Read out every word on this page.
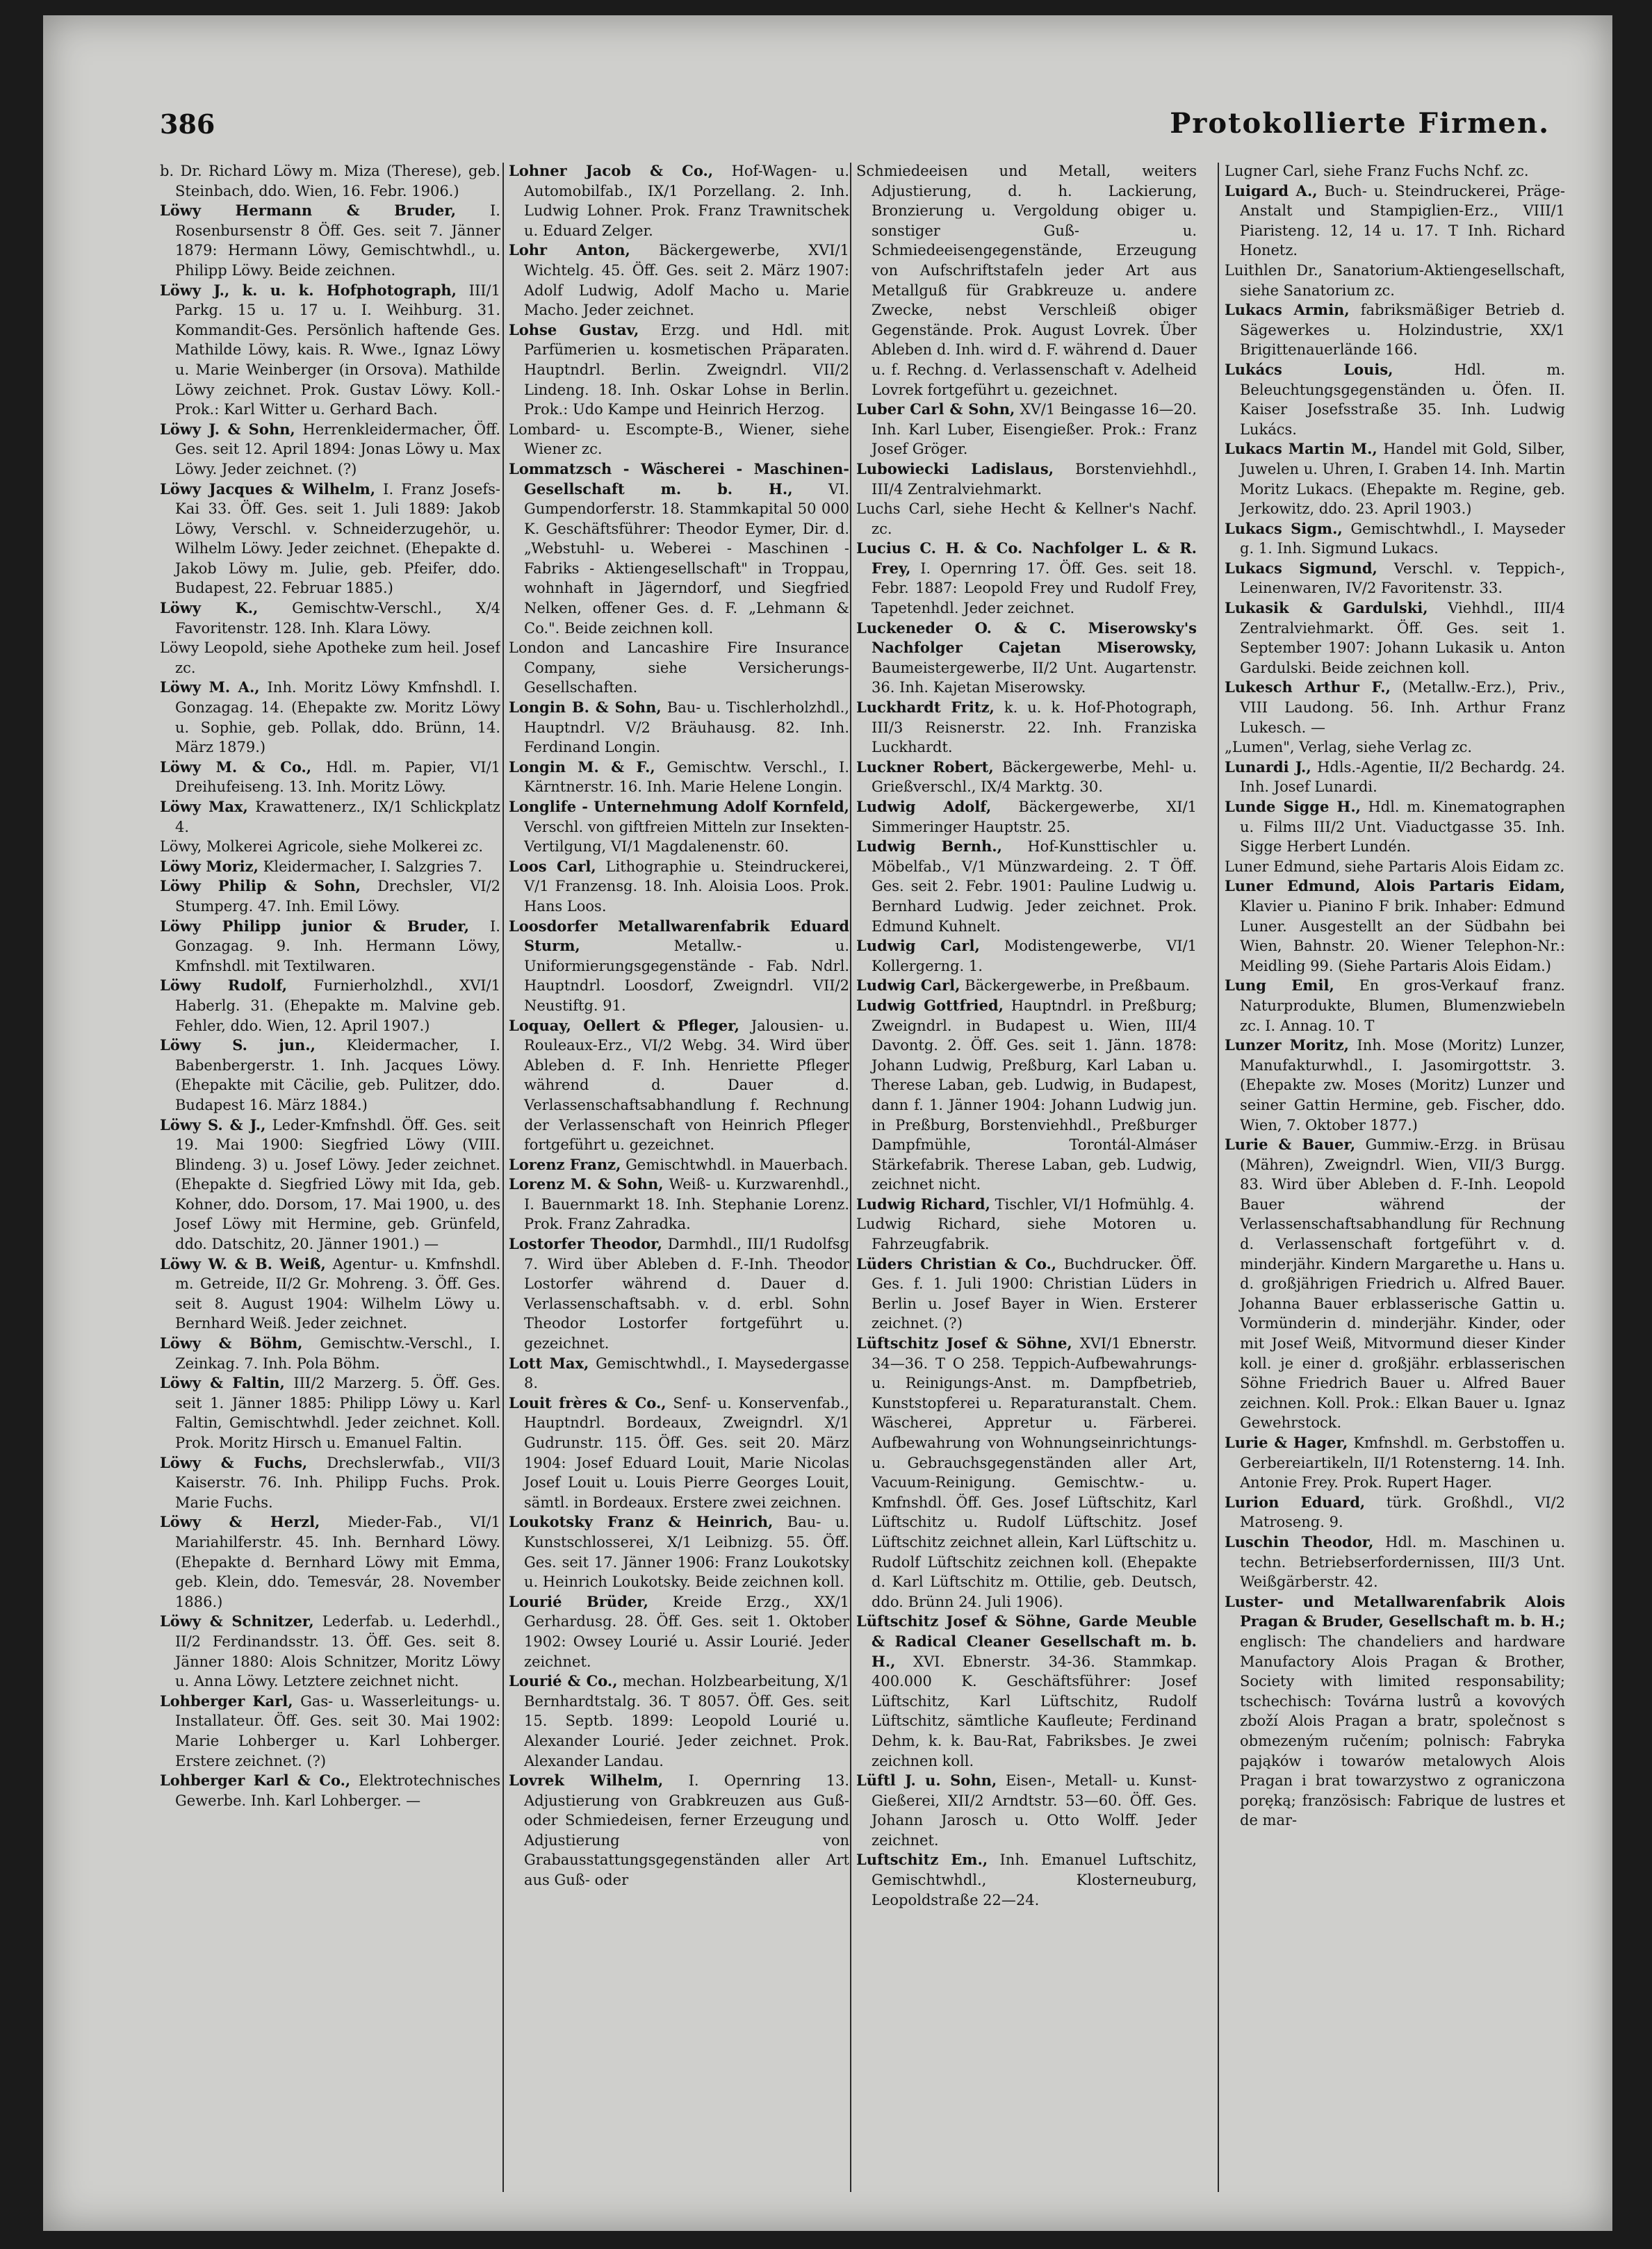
386	Protokollierte Firmen.

b. Dr. Richard Löwy m. Miza (Therese), geb. Steinbach, ddo. Wien, 16. Febr. 1906.)

Löwy Hermann & Bruder, I. Rosenbursenstr 8 Öff. Ges. seit 7. Jänner 1879: Hermann Löwy, Gemischtwhdl., u. Philipp Löwy. Beide zeichnen.

Löwy J., k. u. k. Hofphotograph, III/1 Parkg. 15 u. 17 u. I. Weihburg. 31. Kommandit-Ges. Persönlich haftende Ges. Mathilde Löwy, kais. R. Wwe., Ignaz Löwy u. Marie Weinberger (in Orsova). Mathilde Löwy zeichnet. Prok. Gustav Löwy. Koll.-Prok.: Karl Witter u. Gerhard Bach.

Löwy J. & Sohn, Herrenkleidermacher, Öff. Ges. seit 12. April 1894: Jonas Löwy u. Max Löwy. Jeder zeichnet. (?)

Löwy Jacques & Wilhelm, I. Franz Josefs-Kai 33. Öff. Ges. seit 1. Juli 1889: Jakob Löwy, Verschl. v. Schneiderzugehör, u. Wilhelm Löwy. Jeder zeichnet. (Ehepakte d. Jakob Löwy m. Julie, geb. Pfeifer, ddo. Budapest, 22. Februar 1885.)

Löwy K., Gemischtw-Verschl., X/4 Favoritenstr. 128. Inh. Klara Löwy.

Löwy Leopold, siehe Apotheke zum heil. Josef zc.

Löwy M. A., Inh. Moritz Löwy Kmfnshdl. I. Gonzagag. 14. (Ehepakte zw. Moritz Löwy u. Sophie, geb. Pollak, ddo. Brünn, 14. März 1879.)

Löwy M. & Co., Hdl. m. Papier, VI/1 Dreihufeiseng. 13. Inh. Moritz Löwy.

Löwy Max, Krawattenerz., IX/1 Schlickplatz 4.

Löwy, Molkerei Agricole, siehe Molkerei zc.

Löwy Moriz, Kleidermacher, I. Salzgries 7.

Löwy Philip & Sohn, Drechsler, VI/2 Stumperg. 47. Inh. Emil Löwy.

Löwy Philipp junior & Bruder, I. Gonzagag. 9. Inh. Hermann Löwy, Kmfnshdl. mit Textilwaren.

Löwy Rudolf, Furnierholzhdl., XVI/1 Haberlg. 31. (Ehepakte m. Malvine geb. Fehler, ddo. Wien, 12. April 1907.)

Löwy S. jun., Kleidermacher, I. Babenbergerstr. 1. Inh. Jacques Löwy. (Ehepakte mit Cäcilie, geb. Pulitzer, ddo. Budapest 16. März 1884.)

Löwy S. & J., Leder-Kmfnshdl. Öff. Ges. seit 19. Mai 1900: Siegfried Löwy (VIII. Blindeng. 3) u. Josef Löwy. Jeder zeichnet. (Ehepakte d. Siegfried Löwy mit Ida, geb. Kohner, ddo. Dorsom, 17. Mai 1900, u. des Josef Löwy mit Hermine, geb. Grünfeld, ddo. Datschitz, 20. Jänner 1901.) —

Löwy W. & B. Weiß, Agentur- u. Kmfnshdl. m. Getreide, II/2 Gr. Mohreng. 3. Öff. Ges. seit 8. August 1904: Wilhelm Löwy u. Bernhard Weiß. Jeder zeichnet.

Löwy & Böhm, Gemischtw.-Verschl., I. Zeinkag. 7. Inh. Pola Böhm.

Löwy & Faltin, III/2 Marzerg. 5. Öff. Ges. seit 1. Jänner 1885: Philipp Löwy u. Karl Faltin, Gemischtwhdl. Jeder zeichnet. Koll. Prok. Moritz Hirsch u. Emanuel Faltin.

Löwy & Fuchs, Drechslerwfab., VII/3 Kaiserstr. 76. Inh. Philipp Fuchs. Prok. Marie Fuchs.

Löwy & Herzl, Mieder-Fab., VI/1 Mariahilferstr. 45. Inh. Bernhard Löwy. (Ehepakte d. Bernhard Löwy mit Emma, geb. Klein, ddo. Temesvár, 28. November 1886.)

Löwy & Schnitzer, Lederfab. u. Lederhdl., II/2 Ferdinandsstr. 13. Öff. Ges. seit 8. Jänner 1880: Alois Schnitzer, Moritz Löwy u. Anna Löwy. Letztere zeichnet nicht.

Lohberger Karl, Gas- u. Wasserleitungs- u. Installateur. Öff. Ges. seit 30. Mai 1902: Marie Lohberger u. Karl Lohberger. Erstere zeichnet. (?)

Lohberger Karl & Co., Elektrotechnisches Gewerbe. Inh. Karl Lohberger. —

Lohner Jacob & Co., Hof-Wagen- u. Automobilfab., IX/1 Porzellang. 2. Inh. Ludwig Lohner. Prok. Franz Trawnitschek u. Eduard Zelger.

Lohr Anton, Bäckergewerbe, XVI/1 Wichtelg. 45. Öff. Ges. seit 2. März 1907: Adolf Ludwig, Adolf Macho u. Marie Macho. Jeder zeichnet.

Lohse Gustav, Erzg. und Hdl. mit Parfümerien u. kosmetischen Präparaten. Hauptndrl. Berlin. Zweigndrl. VII/2 Lindeng. 18. Inh. Oskar Lohse in Berlin. Prok.: Udo Kampe und Heinrich Herzog.

Lombard- u. Escompte-B., Wiener, siehe Wiener zc.

Lommatzsch - Wäscherei - Maschinen-Gesellschaft m. b. H., VI. Gumpendorferstr. 18. Stammkapital 50 000 K. Geschäftsführer: Theodor Eymer, Dir. d. „Webstuhl- u. Weberei - Maschinen - Fabriks - Aktiengesellschaft" in Troppau, wohnhaft in Jägerndorf, und Siegfried Nelken, offener Ges. d. F. „Lehmann & Co.". Beide zeichnen koll.

London and Lancashire Fire Insurance Company, siehe Versicherungs-Gesellschaften.

Longin B. & Sohn, Bau- u. Tischlerholzhdl., Hauptndrl. V/2 Bräuhausg. 82. Inh. Ferdinand Longin.

Longin M. & F., Gemischtw. Verschl., I. Kärntnerstr. 16. Inh. Marie Helene Longin.

Longlife - Unternehmung Adolf Kornfeld, Verschl. von giftfreien Mitteln zur Insekten-Vertilgung, VI/1 Magdalenenstr. 60.

Loos Carl, Lithographie u. Steindruckerei, V/1 Franzensg. 18. Inh. Aloisia Loos. Prok. Hans Loos.

Loosdorfer Metallwarenfabrik Eduard Sturm,	Metallw.- u. Uniformierungsgegenstände - Fab. Ndrl. Hauptndrl. Loosdorf, Zweigndrl. VII/2 Neustiftg. 91.

Loquay, Oellert & Pfleger, Jalousien- u. Rouleaux-Erz., VI/2 Webg. 34. Wird über Ableben d. F. Inh. Henriette Pfleger während d. Dauer d. Verlassenschaftsabhandlung f. Rechnung der Verlassenschaft von Heinrich Pfleger fortgeführt u. gezeichnet.

Lorenz Franz, Gemischtwhdl. in Mauerbach.

Lorenz M. & Sohn, Weiß- u. Kurzwarenhdl., I. Bauernmarkt 18. Inh. Stephanie Lorenz. Prok. Franz Zahradka.

Lostorfer Theodor, Darmhdl., III/1 Rudolfsg 7. Wird über Ableben d. F.-Inh. Theodor Lostorfer während d. Dauer d. Verlassenschaftsabh. v. d. erbl. Sohn Theodor Lostorfer fortgeführt u. gezeichnet.

Lott Max, Gemischtwhdl., I. Maysedergasse 8.

Louit frères & Co., Senf- u. Konservenfab., Hauptndrl. Bordeaux, Zweigndrl. X/1 Gudrunstr. 115. Öff. Ges. seit 20. März 1904: Josef Eduard Louit, Marie Nicolas Josef Louit u. Louis Pierre Georges Louit, sämtl. in Bordeaux. Erstere zwei zeichnen.

Loukotsky Franz & Heinrich, Bau- u. Kunstschlosserei, X/1 Leibnizg. 55. Öff. Ges. seit 17. Jänner 1906: Franz Loukotsky u. Heinrich Loukotsky. Beide zeichnen koll.

Lourié Brüder, Kreide Erzg., XX/1 Gerhardusg. 28. Öff. Ges. seit 1. Oktober 1902: Owsey Lourié u. Assir Lourié. Jeder zeichnet.

Lourié & Co., mechan. Holzbearbeitung, X/1 Bernhardtstalg. 36. T 8057. Öff. Ges. seit 15. Septb. 1899: Leopold Lourié u. Alexander Lourié. Jeder zeichnet. Prok. Alexander Landau.

Lovrek Wilhelm, I. Opernring 13. Adjustierung von Grabkreuzen aus Guß- oder Schmiedeisen, ferner Erzeugung und Adjustierung von Grabausstattungsgegenständen aller Art aus Guß- oder

Schmiedeeisen und Metall, weiters Adjustierung, d. h. Lackierung, Bronzierung u. Vergoldung obiger u. sonstiger Guß- u. Schmiedeeisengegenstände, Erzeugung von Aufschriftstafeln jeder Art aus Metallguß für Grabkreuze u. andere Zwecke, nebst Verschleiß obiger Gegenstände. Prok. August Lovrek. Über Ableben d. Inh. wird d. F. während d. Dauer u. f. Rechng. d. Verlassenschaft v. Adelheid Lovrek fortgeführt u. gezeichnet.

Luber Carl & Sohn, XV/1 Beingasse 16—20. Inh. Karl Luber, Eisengießer. Prok.: Franz Josef Gröger.

Lubowiecki Ladislaus, Borstenviehhdl., III/4 Zentralviehmarkt.

Luchs Carl, siehe Hecht & Kellner's Nachf. zc.

Lucius C. H. & Co. Nachfolger L. & R. Frey, I. Opernring 17. Öff. Ges. seit 18. Febr. 1887: Leopold Frey und Rudolf Frey, Tapetenhdl. Jeder zeichnet.

Luckeneder O. & C. Miserowsky's Nachfolger Cajetan Miserowsky, Baumeistergewerbe, II/2 Unt. Augartenstr. 36. Inh. Kajetan Miserowsky.

Luckhardt Fritz, k. u. k. Hof-Photograph, III/3 Reisnerstr. 22. Inh. Franziska Luckhardt.

Luckner Robert, Bäckergewerbe, Mehl- u. Grießverschl., IX/4 Marktg. 30.

Ludwig Adolf, Bäckergewerbe, XI/1 Simmeringer Hauptstr. 25.

Ludwig Bernh., Hof-Kunsttischler u. Möbelfab., V/1 Münzwardeing. 2. T Öff. Ges. seit 2. Febr. 1901: Pauline Ludwig u. Bernhard Ludwig. Jeder zeichnet. Prok. Edmund Kuhnelt.

Ludwig Carl, Modistengewerbe, VI/1 Kollergerng. 1.

Ludwig Carl, Bäckergewerbe, in Preßbaum.

Ludwig Gottfried, Hauptndrl. in Preßburg; Zweigndrl. in Budapest u. Wien, III/4 Davontg. 2. Öff. Ges. seit 1. Jänn. 1878: Johann Ludwig, Preßburg, Karl Laban u. Therese Laban, geb. Ludwig, in Budapest, dann f. 1. Jänner 1904: Johann Ludwig jun. in Preßburg, Borstenviehhdl., Preßburger Dampfmühle, Torontál-Almáser Stärkefabrik. Therese Laban, geb. Ludwig, zeichnet nicht.

Ludwig Richard, Tischler, VI/1 Hofmühlg. 4.

Ludwig Richard, siehe Motoren u. Fahrzeugfabrik.

Lüders Christian & Co., Buchdrucker. Öff. Ges. f. 1. Juli 1900: Christian Lüders in Berlin u. Josef Bayer in Wien. Ersterer zeichnet. (?)

Lüftschitz Josef & Söhne, XVI/1 Ebnerstr. 34—36. T O 258. Teppich-Aufbewahrungs- u. Reinigungs-Anst. m. Dampfbetrieb, Kunststopferei u. Reparaturanstalt. Chem. Wäscherei, Appretur u. Färberei. Aufbewahrung von Wohnungseinrichtungs- u. Gebrauchsgegenständen aller Art, Vacuum-Reinigung. Gemischtw.- u. Kmfnshdl. Öff. Ges. Josef Lüftschitz, Karl Lüftschitz u. Rudolf Lüftschitz. Josef Lüftschitz zeichnet allein, Karl Lüftschitz u. Rudolf Lüftschitz zeichnen koll. (Ehepakte d. Karl Lüftschitz m. Ottilie, geb. Deutsch, ddo. Brünn 24. Juli 1906).

Lüftschitz Josef & Söhne, Garde Meuble & Radical Cleaner Gesellschaft m. b. H., XVI. Ebnerstr. 34-36. Stammkap. 400.000 K. Geschäftsführer: Josef Lüftschitz, Karl Lüftschitz, Rudolf Lüftschitz, sämtliche Kaufleute; Ferdinand Dehm, k. k. Bau-Rat, Fabriksbes. Je zwei zeichnen koll.

Lüftl J. u. Sohn, Eisen-, Metall- u. Kunst-Gießerei, XII/2 Arndtstr. 53—60. Öff. Ges. Johann Jarosch u. Otto Wolff. Jeder zeichnet.

Luftschitz Em., Inh. Emanuel Luftschitz, Gemischtwhdl., Klosterneuburg, Leopoldstraße 22—24.

Lugner Carl, siehe Franz Fuchs Nchf. zc.

Luigard A., Buch- u. Steindruckerei, Präge-Anstalt und Stampiglien-Erz., VIII/1 Piaristeng. 12, 14 u. 17. T Inh. Richard Honetz.

Luithlen Dr., Sanatorium-Aktiengesellschaft, siehe Sanatorium zc.

Lukacs Armin, fabriksmäßiger Betrieb d. Sägewerkes u. Holzindustrie, XX/1 Brigittenauerlände 166.

Lukács Louis,	Hdl. m. Beleuchtungsgegenständen u. Öfen. II. Kaiser Josefsstraße 35. Inh. Ludwig Lukács.

Lukacs Martin M., Handel mit Gold, Silber, Juwelen u. Uhren, I. Graben 14. Inh. Martin Moritz Lukacs. (Ehepakte m. Regine, geb. Jerkowitz, ddo. 23. April 1903.)

Lukacs Sigm., Gemischtwhdl., I. Mayseder g. 1. Inh. Sigmund Lukacs.

Lukacs Sigmund, Verschl. v. Teppich-, Leinenwaren, IV/2 Favoritenstr. 33.

Lukasik & Gardulski, Viehhdl., III/4 Zentralviehmarkt. Öff. Ges. seit 1. September 1907: Johann Lukasik u. Anton Gardulski. Beide zeichnen koll.

Lukesch Arthur F., (Metallw.-Erz.), Priv., VIII Laudong. 56. Inh. Arthur Franz Lukesch. —

„Lumen", Verlag, siehe Verlag zc.

Lunardi J., Hdls.-Agentie, II/2 Bechardg. 24. Inh. Josef Lunardi.

Lunde Sigge H., Hdl. m. Kinematographen u. Films III/2 Unt. Viaductgasse 35. Inh. Sigge Herbert Lundén.

Luner Edmund, siehe Partaris Alois Eidam zc.

Luner Edmund, Alois Partaris Eidam, Klavier u. Pianino F brik. Inhaber: Edmund Luner. Ausgestellt an der Südbahn bei Wien, Bahnstr. 20. Wiener Telephon-Nr.: Meidling 99. (Siehe Partaris Alois Eidam.)

Lung Emil, En gros-Verkauf franz. Naturprodukte, Blumen, Blumenzwiebeln zc. I. Annag. 10. T

Lunzer Moritz, Inh. Mose (Moritz) Lunzer, Manufakturwhdl., I. Jasomirgottstr. 3. (Ehepakte zw. Moses (Moritz) Lunzer und seiner Gattin Hermine, geb. Fischer, ddo. Wien, 7. Oktober 1877.)

Lurie & Bauer, Gummiw.-Erzg. in Brüsau (Mähren), Zweigndrl. Wien, VII/3 Burgg. 83. Wird über Ableben d. F.-Inh. Leopold Bauer während der Verlassenschaftsabhandlung für Rechnung d. Verlassenschaft fortgeführt v. d. minderjähr. Kindern Margarethe u. Hans u. d. großjährigen Friedrich u. Alfred Bauer. Johanna Bauer erblasserische Gattin u. Vormünderin d. minderjähr. Kinder, oder mit Josef Weiß, Mitvormund dieser Kinder koll. je einer d. großjähr. erblasserischen Söhne Friedrich Bauer u. Alfred Bauer zeichnen. Koll. Prok.: Elkan Bauer u. Ignaz Gewehrstock.

Lurie & Hager, Kmfnshdl. m. Gerbstoffen u. Gerbereiartikeln, II/1 Rotensterng. 14. Inh. Antonie Frey. Prok. Rupert Hager.

Lurion Eduard, türk. Großhdl., VI/2 Matroseng. 9.

Luschin Theodor, Hdl. m. Maschinen u. techn. Betriebserfordernissen, III/3 Unt. Weißgärberstr. 42.

Luster- und Metallwarenfabrik Alois Pragan & Bruder, Gesellschaft m. b. H.; englisch: The chandeliers and hardware Manufactory Alois Pragan & Brother, Society with limited responsability; tschechisch: Továrna lustrů a kovových zboží Alois Pragan a bratr, společnost s obmezeným ručením; polnisch: Fabryka pająków i towarów metalowych Alois Pragan i brat towarzystwo z ograniczona poręką; französisch: Fabrique de lustres et de mar-
